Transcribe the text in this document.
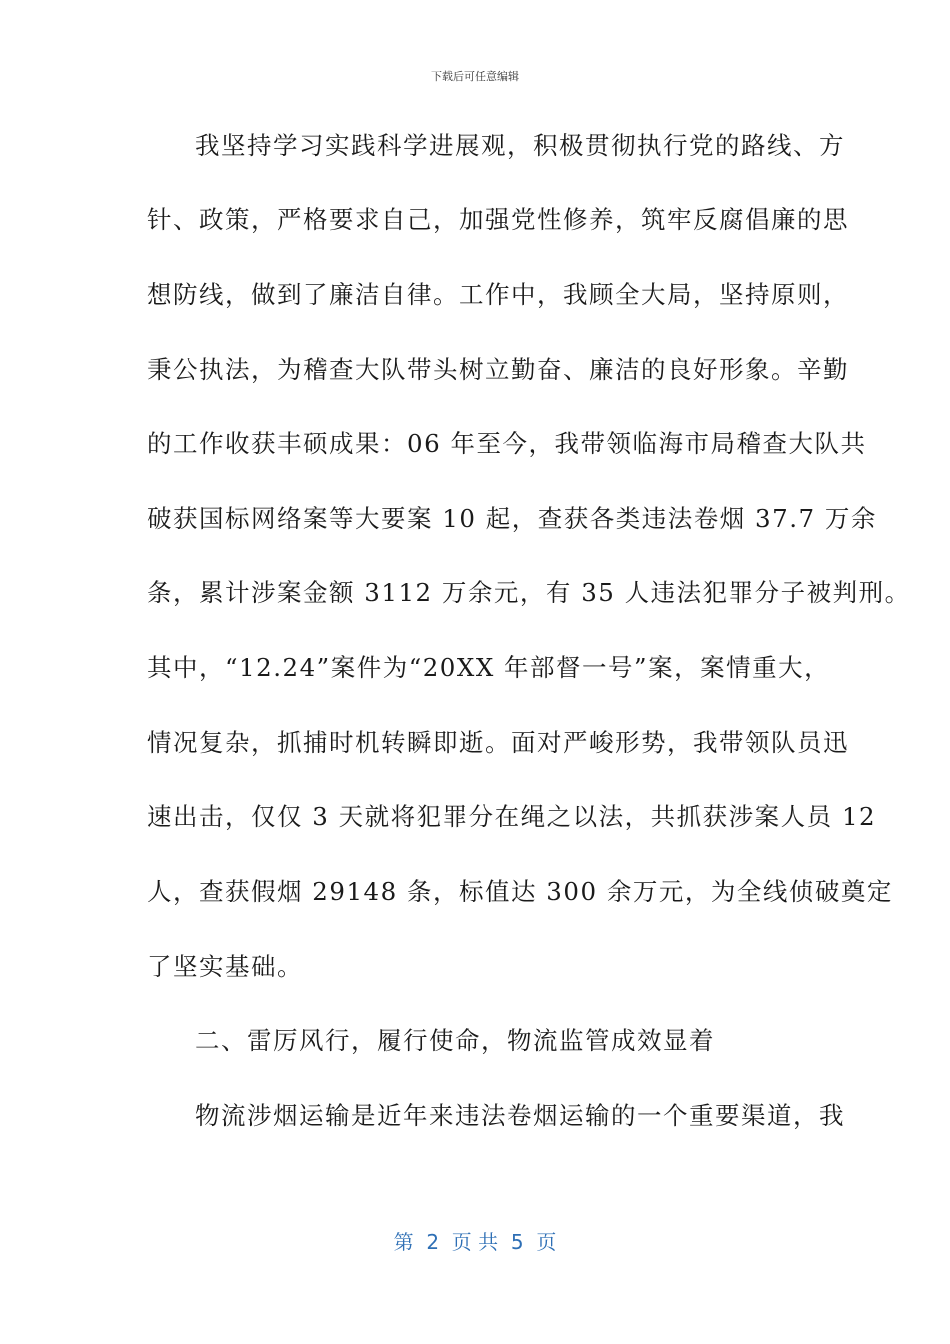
下载后可任意编辑
我坚持学习实践科学进展观，积极贯彻执行党的路线、方
针、政策，严格要求自己，加强党性修养，筑牢反腐倡廉的思
想防线，做到了廉洁自律。工作中，我顾全大局，坚持原则，
秉公执法，为稽查大队带头树立勤奋、廉洁的良好形象。辛勤
的工作收获丰硕成果：06 年至今，我带领临海市局稽查大队共
破获国标网络案等大要案 10 起，查获各类违法卷烟 37.7 万余
条，累计涉案金额 3112 万余元，有 35 人违法犯罪分子被判刑。
其中，“12.24”案件为“20XX 年部督一号”案，案情重大，
情况复杂，抓捕时机转瞬即逝。面对严峻形势，我带领队员迅
速出击，仅仅 3 天就将犯罪分在绳之以法，共抓获涉案人员 12
人，查获假烟 29148 条，标值达 300 余万元，为全线侦破奠定
了坚实基础。
二、雷厉风行，履行使命，物流监管成效显着
物流涉烟运输是近年来违法卷烟运输的一个重要渠道，我
第  2  页 共  5  页
